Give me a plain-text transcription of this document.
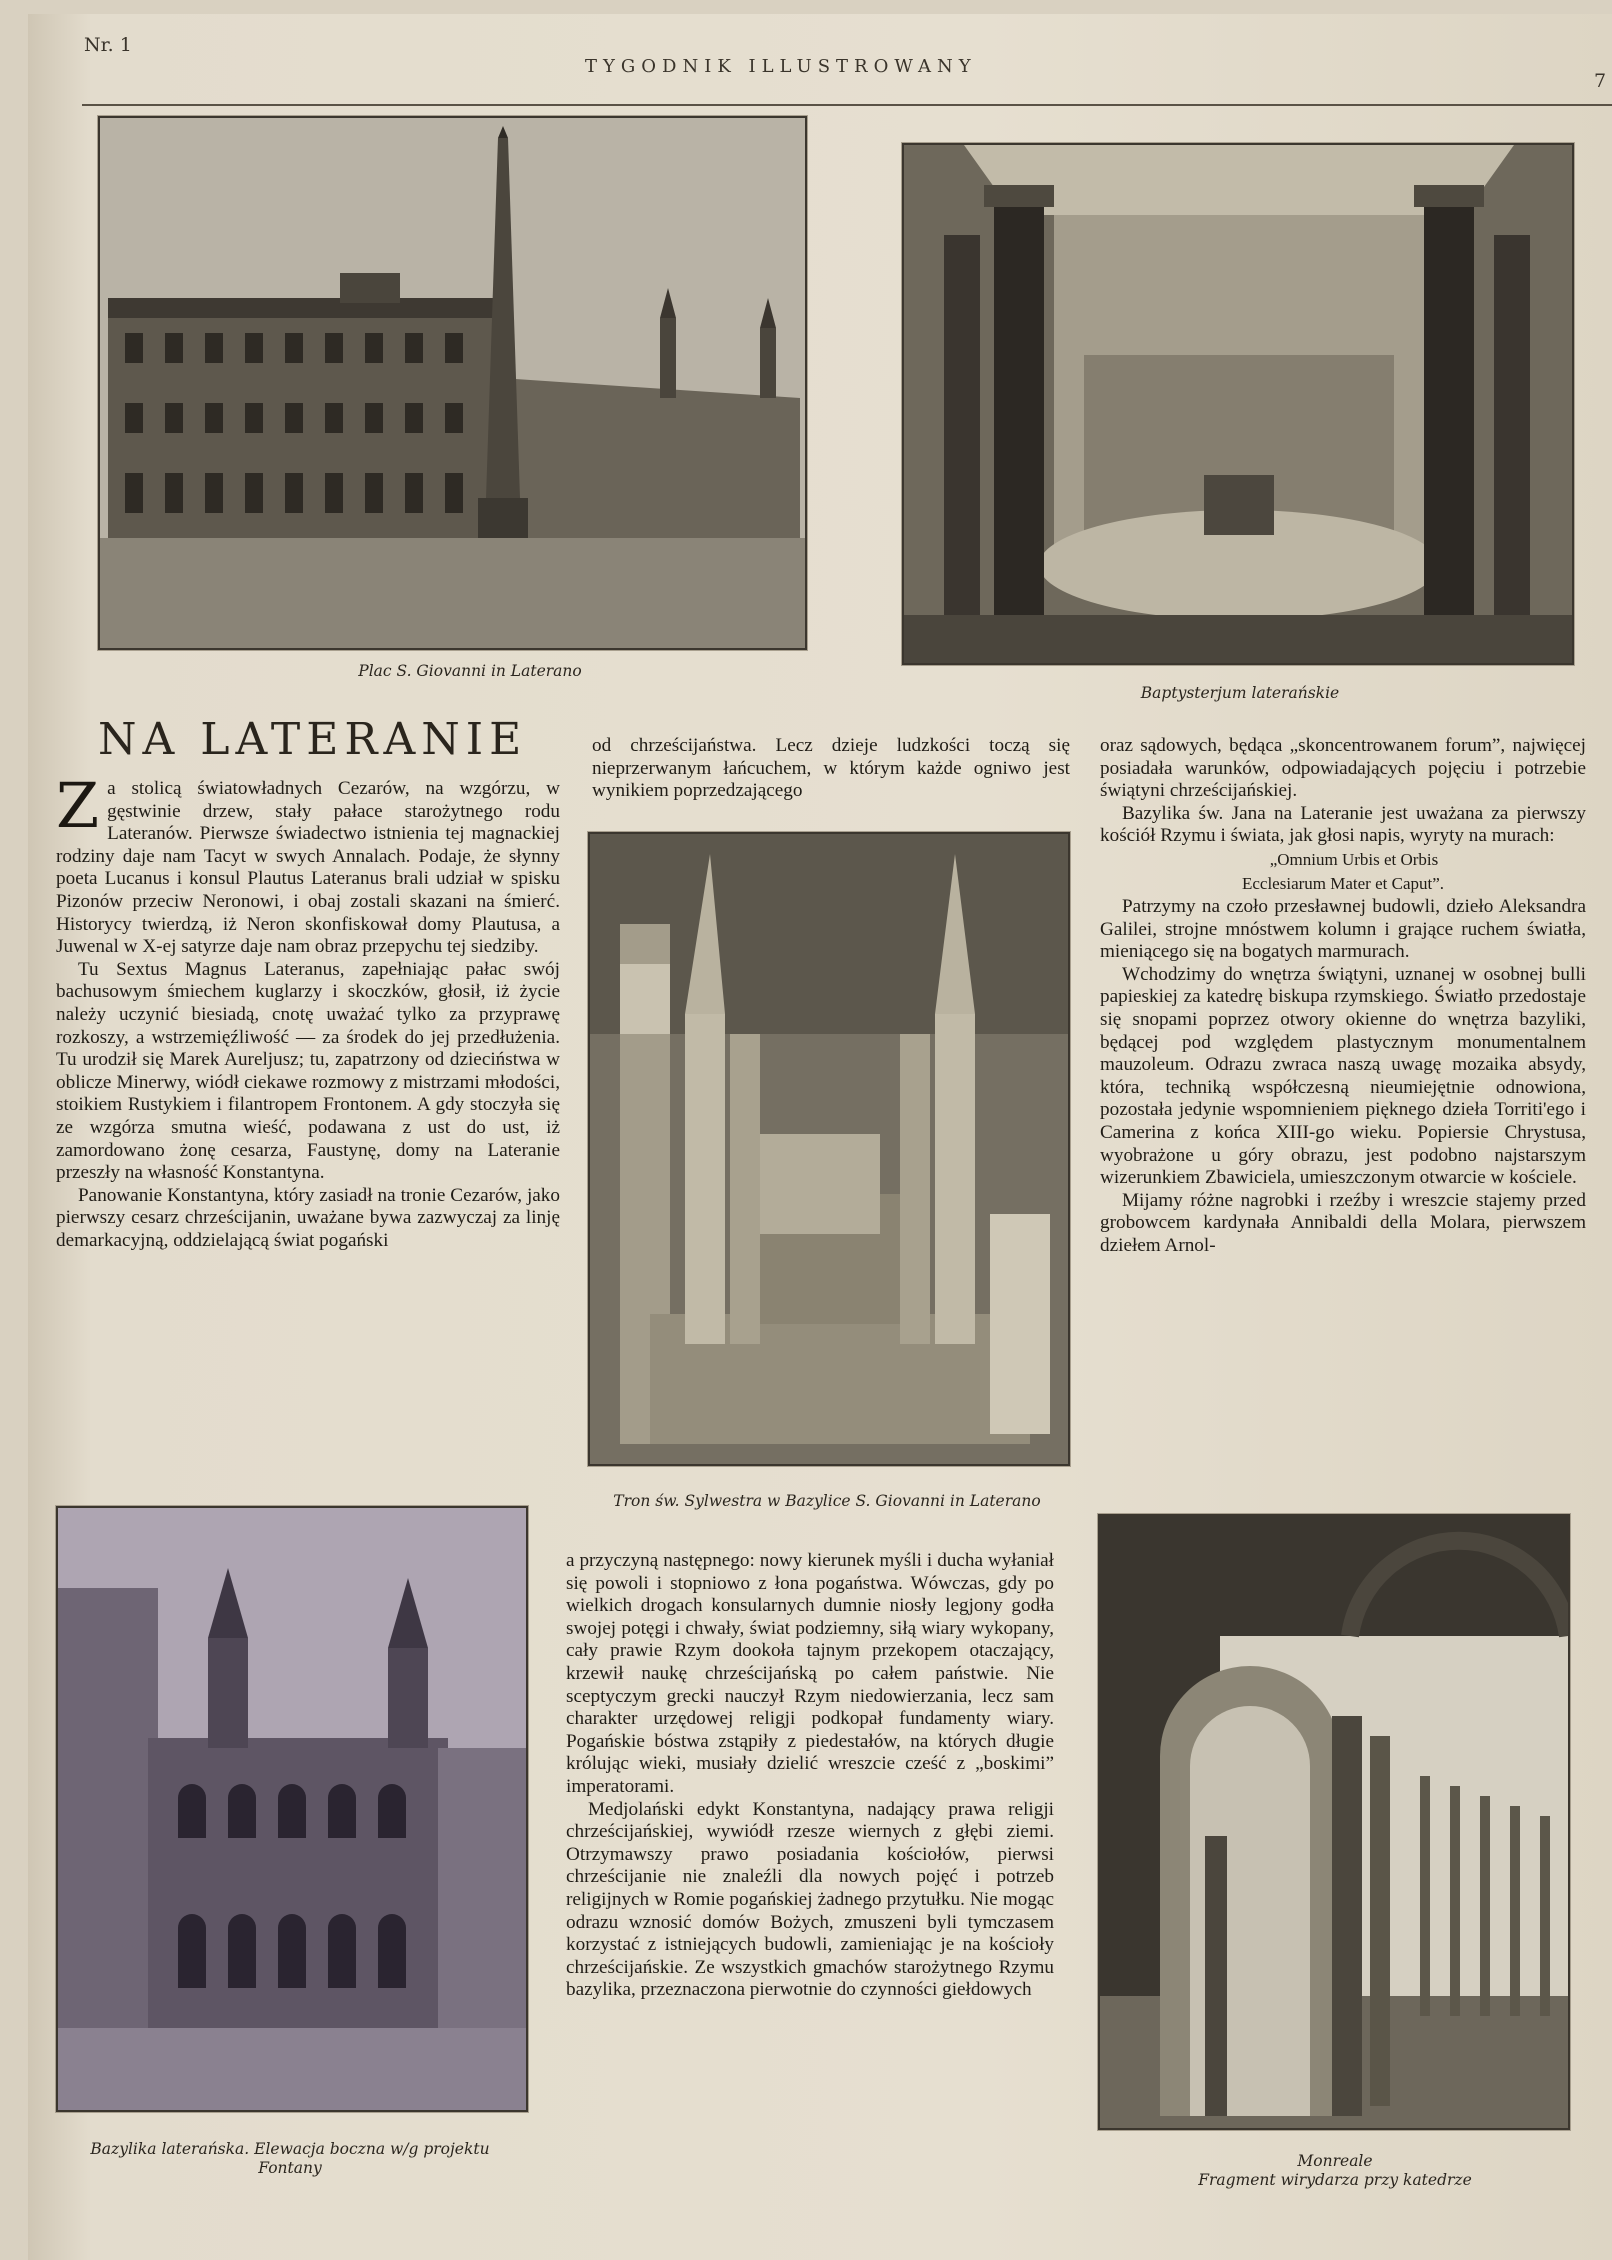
Nr. 1
TYGODNIK ILLUSTROWANY
7
Plac S. Giovanni in Laterano
Baptysterjum laterańskie
NA LATERANIE

Za stolicą światowładnych Cezarów, na wzgórzu, w gęstwinie drzew, stały pałace starożytnego rodu Lateranów. Pierwsze świadectwo istnienia tej magnackiej rodziny daje nam Tacyt w swych Annalach. Podaje, że słynny poeta Lucanus i konsul Plautus Lateranus brali udział w spisku Pizonów przeciw Neronowi, i obaj zostali skazani na śmierć. Historycy twierdzą, iż Neron skonfiskował domy Plautusa, a Juwenal w X-ej satyrze daje nam obraz przepychu tej siedziby.

Tu Sextus Magnus Lateranus, zapełniając pałac swój bachusowym śmiechem kuglarzy i skoczków, głosił, iż życie należy uczynić biesiadą, cnotę uważać tylko za przyprawę rozkoszy, a wstrzemięźliwość — za środek do jej przedłużenia. Tu urodził się Marek Aureljusz; tu, zapatrzony od dzieciństwa w oblicze Minerwy, wiódł ciekawe rozmowy z mistrzami młodości, stoikiem Rustykiem i filantropem Frontonem. A gdy stoczyła się ze wzgórza smutna wieść, podawana z ust do ust, iż zamordowano żonę cesarza, Faustynę, domy na Lateranie przeszły na własność Konstantyna.

Panowanie Konstantyna, który zasiadł na tronie Cezarów, jako pierwszy cesarz chrześcijanin, uważane bywa zazwyczaj za linję demarkacyjną, oddzielającą świat pogański

od chrześcijaństwa. Lecz dzieje ludzkości toczą się nieprzerwanym łańcuchem, w którym każde ogniwo jest wynikiem poprzedzającego

Tron św. Sylwestra w Bazylice S. Giovanni in Laterano

oraz sądowych, będąca „skoncentrowanem forum”, najwięcej posiadała warunków, odpowiadających pojęciu i potrzebie świątyni chrześcijańskiej.

Bazylika św. Jana na Lateranie jest uważana za pierwszy kościół Rzymu i świata, jak głosi napis, wyryty na murach:

„Omnium Urbis et Orbis
Ecclesiarum Mater et Caput”.

Patrzymy na czoło przesławnej budowli, dzieło Aleksandra Galilei, strojne mnóstwem kolumn i grające ruchem światła, mieniącego się na bogatych marmurach.

Wchodzimy do wnętrza świątyni, uznanej w osobnej bulli papieskiej za katedrę biskupa rzymskiego. Światło przedostaje się snopami poprzez otwory okienne do wnętrza bazyliki, będącej pod względem plastycznym monumentalnem mauzoleum. Odrazu zwraca naszą uwagę mozaika absydy, która, techniką współczesną nieumiejętnie odnowiona, pozostała jedynie wspomnieniem pięknego dzieła Torriti'ego i Camerina z końca XIII-go wieku. Popiersie Chrystusa, wyobrażone u góry obrazu, jest podobno najstarszym wizerunkiem Zbawiciela, umieszczonym otwarcie w kościele.

Mijamy różne nagrobki i rzeźby i wreszcie stajemy przed grobowcem kardynała Annibaldi della Molara, pierwszem dziełem Arnol-

Bazylika laterańska. Elewacja boczna w/g projektu
Fontany

a przyczyną następnego: nowy kierunek myśli i ducha wyłaniał się powoli i stopniowo z łona pogaństwa. Wówczas, gdy po wielkich drogach konsularnych dumnie niosły legjony godła swojej potęgi i chwały, świat podziemny, siłą wiary wykopany, cały prawie Rzym dookoła tajnym przekopem otaczający, krzewił naukę chrześcijańską po całem państwie. Nie sceptyczym grecki nauczył Rzym niedowierzania, lecz sam charakter urzędowej religji podkopał fundamenty wiary. Pogańskie bóstwa zstąpiły z piedestałów, na których długie królując wieki, musiały dzielić wreszcie cześć z „boskimi” imperatorami.

Medjolański edykt Konstantyna, nadający prawa religji chrześcijańskiej, wywiódł rzesze wiernych z głębi ziemi. Otrzymawszy prawo posiadania kościołów, pierwsi chrześcijanie nie znaleźli dla nowych pojęć i potrzeb religijnych w Romie pogańskiej żadnego przytułku. Nie mogąc odrazu wznosić domów Bożych, zmuszeni byli tymczasem korzystać z istniejących budowli, zamieniając je na kościoły chrześcijańskie. Ze wszystkich gmachów starożytnego Rzymu bazylika, przeznaczona pierwotnie do czynności giełdowych

Monreale
Fragment wirydarza przy katedrze
